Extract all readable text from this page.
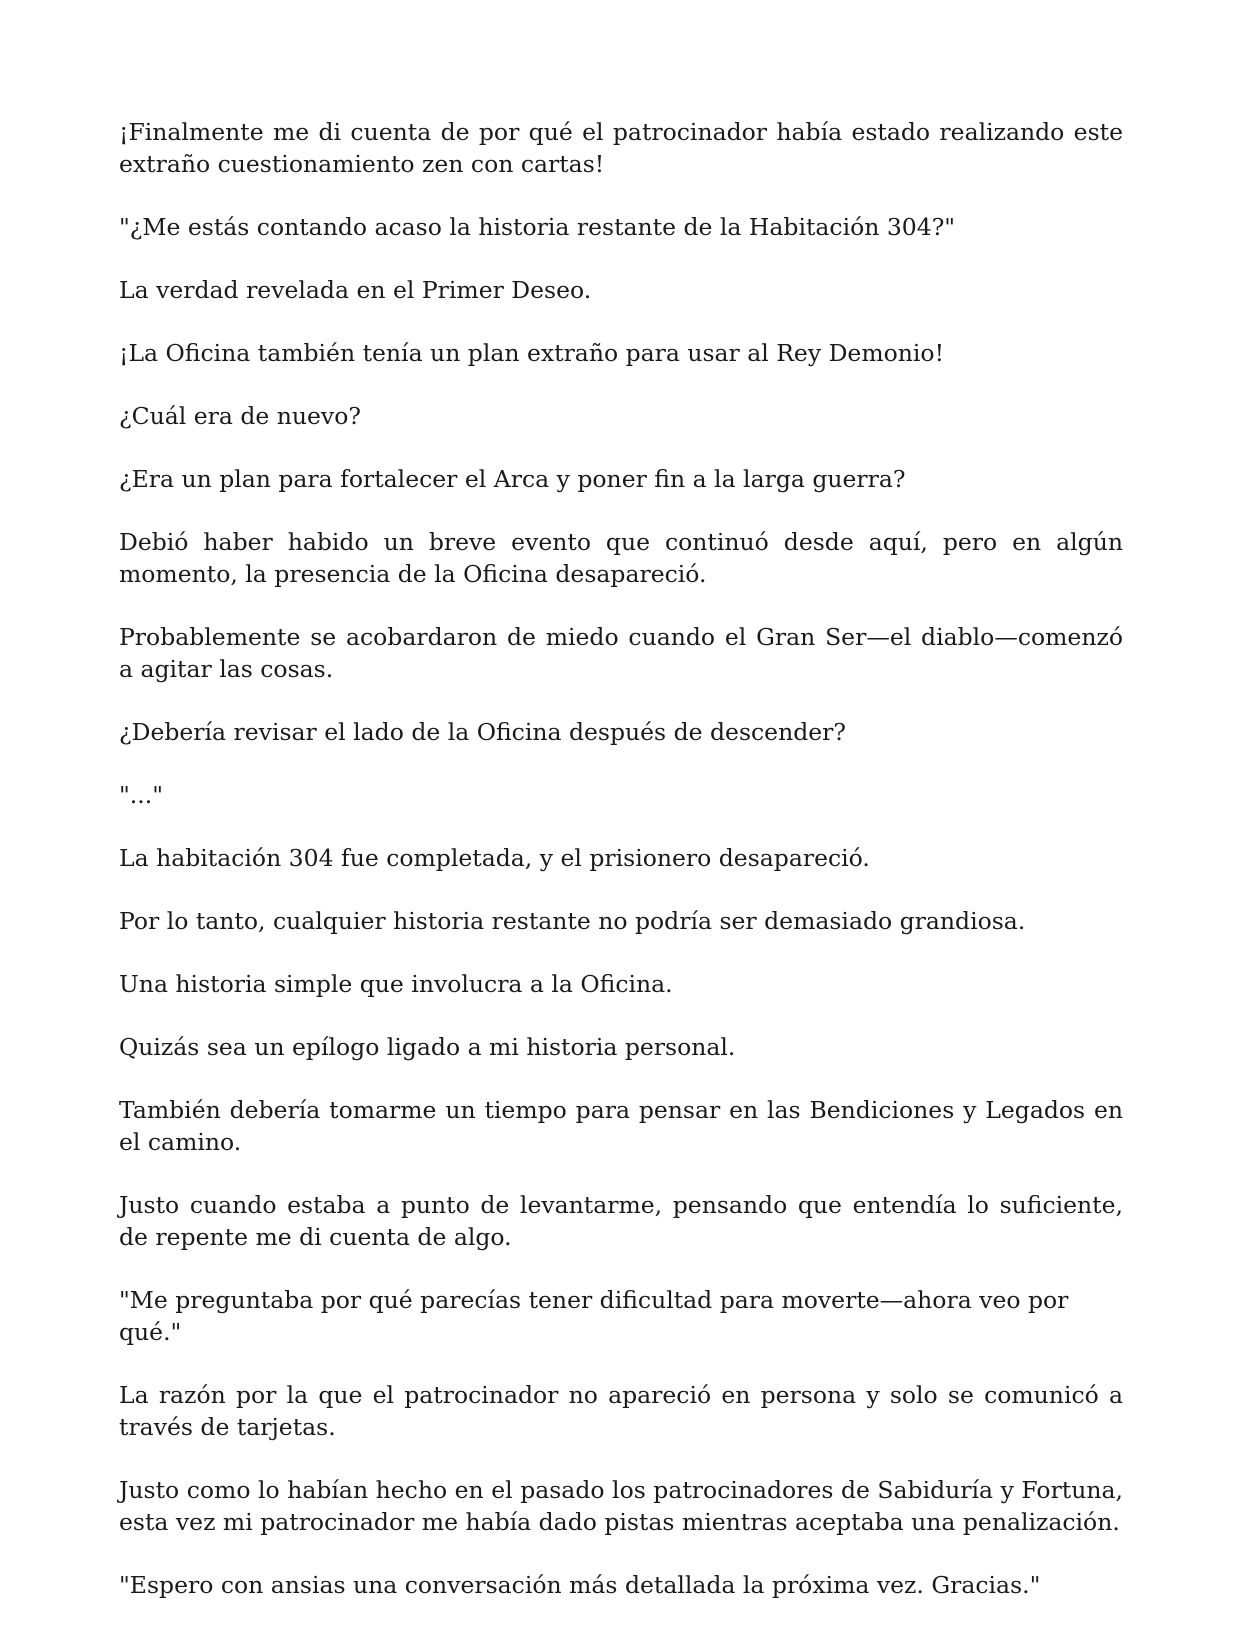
¡Finalmente me di cuenta de por qué el patrocinador había estado realizando este extraño cuestionamiento zen con cartas!

"¿Me estás contando acaso la historia restante de la Habitación 304?"

La verdad revelada en el Primer Deseo.

¡La Oficina también tenía un plan extraño para usar al Rey Demonio!

¿Cuál era de nuevo?

¿Era un plan para fortalecer el Arca y poner fin a la larga guerra?

Debió haber habido un breve evento que continuó desde aquí, pero en algún momento, la presencia de la Oficina desapareció.

Probablemente se acobardaron de miedo cuando el Gran Ser—el diablo—comenzó a agitar las cosas.

¿Debería revisar el lado de la Oficina después de descender?

"..."

La habitación 304 fue completada, y el prisionero desapareció.

Por lo tanto, cualquier historia restante no podría ser demasiado grandiosa.

Una historia simple que involucra a la Oficina.

Quizás sea un epílogo ligado a mi historia personal.

También debería tomarme un tiempo para pensar en las Bendiciones y Legados en el camino.

Justo cuando estaba a punto de levantarme, pensando que entendía lo suficiente, de repente me di cuenta de algo.

"Me preguntaba por qué parecías tener dificultad para moverte—ahora veo por qué."

La razón por la que el patrocinador no apareció en persona y solo se comunicó a través de tarjetas.

Justo como lo habían hecho en el pasado los patrocinadores de Sabiduría y Fortuna, esta vez mi patrocinador me había dado pistas mientras aceptaba una penalización.

"Espero con ansias una conversación más detallada la próxima vez. Gracias."
